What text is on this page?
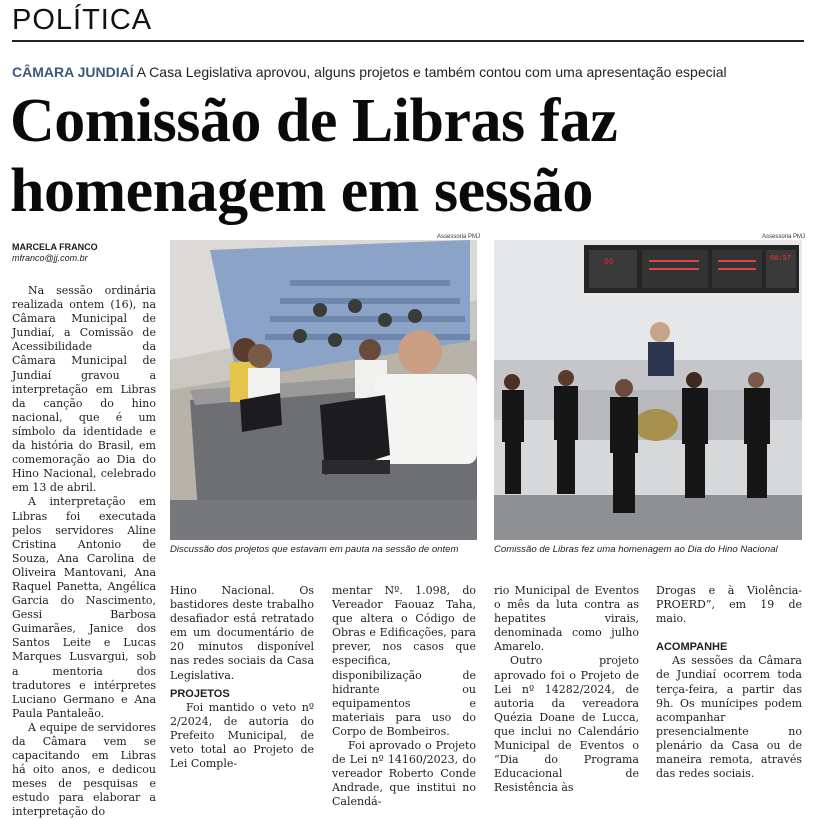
POLÍTICA
CÂMARA JUNDIAÍ A Casa Legislativa aprovou, alguns projetos e também contou com uma apresentação especial
Comissão de Libras faz homenagem em sessão
MARCELA FRANCO
mfranco@jj.com.br

Na sessão ordinária realizada ontem (16), na Câmara Municipal de Jundiaí, a Comissão de Acessibilidade da Câmara Municipal de Jundiaí gravou a interpretação em Libras da canção do hino nacional, que é um símbolo da identidade e da história do Brasil, em comemoração ao Dia do Hino Nacional, celebrado em 13 de abril.

A interpretação em Libras foi executada pelos servidores Aline Cristina Antonio de Souza, Ana Carolina de Oliveira Mantovani, Ana Raquel Panetta, Angélica Garcia do Nascimento, Gessi Barbosa Guimarães, Janice dos Santos Leite e Lucas Marques Lusvargui, sob a mentoria dos tradutores e intérpretes Luciano Germano e Ana Paula Pantaleão.

A equipe de servidores da Câmara vem se capacitando em Libras há oito anos, e dedicou meses de pesquisas e estudo para elaborar a interpretação do

Assessoria PMJ
Discussão dos projetos que estavam em pauta na sessão de ontem
Assessoria PMJ
00	06:57
Comissão de Libras fez uma homenagem ao Dia do Hino Nacional

Hino Nacional. Os bastidores deste trabalho desafiador está retratado em um documentário de 20 minutos disponível nas redes sociais da Casa Legislativa.

PROJETOS

Foi mantido o veto nº 2/2024, de autoria do Prefeito Municipal, de veto total ao Projeto de Lei Comple-

mentar Nº. 1.098, do Vereador Faouaz Taha, que altera o Código de Obras e Edificações, para prever, nos casos que especifica, disponibilização de hidrante ou equipamentos e materiais para uso do Corpo de Bombeiros.

Foi aprovado o Projeto de Lei nº 14160/2023, do vereador Roberto Conde Andrade, que institui no Calendá-

rio Municipal de Eventos o mês da luta contra as hepatites virais, denominada como julho Amarelo.

Outro projeto aprovado foi o Projeto de Lei nº 14282/2024, de autoria da vereadora Quézia Doane de Lucca, que inclui no Calendário Municipal de Eventos o “Dia do Programa Educacional de Resistência às

Drogas e à Violência-PROERD”, em 19 de maio.

ACOMPANHE

As sessões da Câmara de Jundiaí ocorrem toda terça-feira, a partir das 9h. Os munícipes podem acompanhar presencialmente no plenário da Casa ou de maneira remota, através das redes sociais.
